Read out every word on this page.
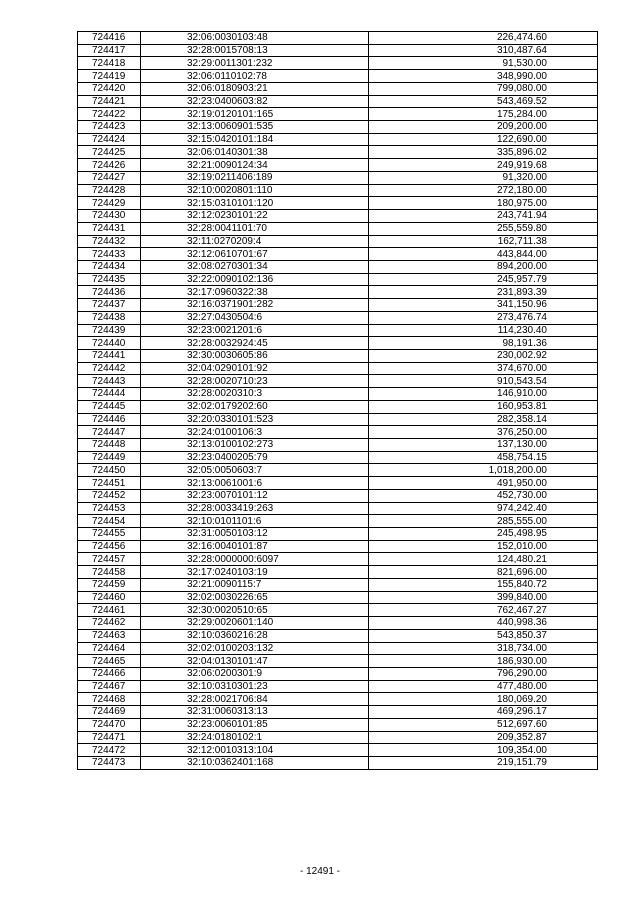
724416	32:06:0030103:48	226,474.60
724417	32:28:0015708:13	310,487.64
724418	32:29:0011301:232	91,530.00
724419	32:06:0110102:78	348,990.00
724420	32:06:0180903:21	799,080.00
724421	32:23:0400603:82	543,469.52
724422	32:19:0120101:165	175,284.00
724423	32:13:0060901:535	209,200.00
724424	32:15:0420101:184	122,690.00
724425	32:06:0140301:38	335,896.02
724426	32:21:0090124:34	249,919.68
724427	32:19:0211406:189	91,320.00
724428	32:10:0020801:110	272,180.00
724429	32:15:0310101:120	180,975.00
724430	32:12:0230101:22	243,741.94
724431	32:28:0041101:70	255,559.80
724432	32:11:0270209:4	162,711.38
724433	32:12:0610701:67	443,844.00
724434	32:08:0270301:34	894,200.00
724435	32:22:0090102:136	245,957.79
724436	32:17:0960322:38	231,893.39
724437	32:16:0371901:282	341,150.96
724438	32:27:0430504:6	273,476.74
724439	32:23:0021201:6	114,230.40
724440	32:28:0032924:45	98,191.36
724441	32:30:0030605:86	230,002.92
724442	32:04:0290101:92	374,670.00
724443	32:28:0020710:23	910,543.54
724444	32:28:0020310:3	146,910.00
724445	32:02:0179202:60	160,953.81
724446	32:20:0330101:523	282,358.14
724447	32:24:0100106:3	376,250.00
724448	32:13:0100102:273	137,130.00
724449	32:23:0400205:79	458,754.15
724450	32:05:0050603:7	1,018,200.00
724451	32:13:0061001:6	491,950.00
724452	32:23:0070101:12	452,730.00
724453	32:28:0033419:263	974,242.40
724454	32:10:0101101:6	285,555.00
724455	32:31:0050103:12	245,498.95
724456	32:16:0040101:87	152,010.00
724457	32:28:0000000:6097	124,480.21
724458	32:17:0240103:19	821,696.00
724459	32:21:0090115:7	155,840.72
724460	32:02:0030226:65	399,840.00
724461	32:30:0020510:65	762,467.27
724462	32:29:0020601:140	440,998.36
724463	32:10:0360216:28	543,850.37
724464	32:02:0100203:132	318,734.00
724465	32:04:0130101:47	186,930.00
724466	32:06:0200301:9	796,290.00
724467	32:10:0310301:23	477,480.00
724468	32:28:0021706:84	180,069.20
724469	32:31:0060313:13	469,296.17
724470	32:23:0060101:85	512,697.60
724471	32:24:0180102:1	209,352.87
724472	32:12:0010313:104	109,354.00
724473	32:10:0362401:168	219,151.79
- 12491 -
